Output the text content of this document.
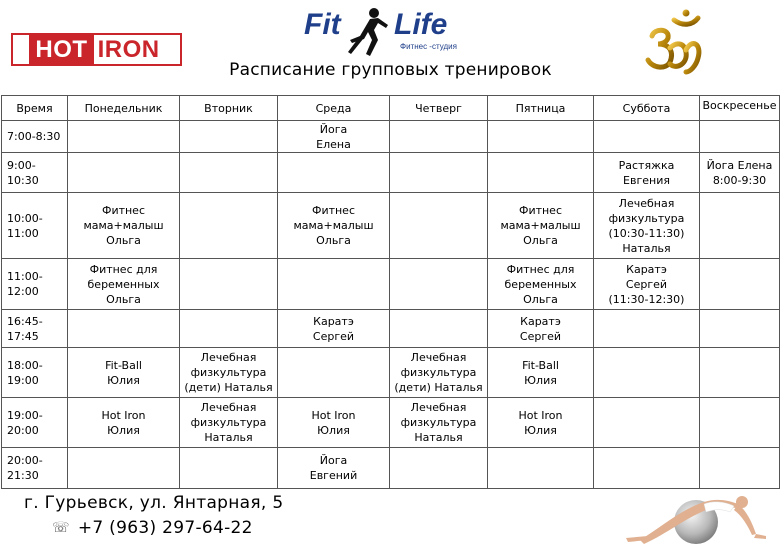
HOT IRON
Fit Life
Фитнес -студия
Расписание групповых тренировок
Время	Понедельник	Вторник	Среда	Четверг	Пятница	Суббота	Воскресенье
7:00-8:30			Йога
Елена				
9:00-10:30						Растяжка
Евгения	Йога Елена
8:00-9:30
10:00-11:00	Фитнес
мама+малыш
Ольга		Фитнес
мама+малыш
Ольга		Фитнес
мама+малыш
Ольга	Лечебная
физкультура
(10:30-11:30)
Наталья	
11:00-12:00	Фитнес для
беременных
Ольга				Фитнес для
беременных
Ольга	Каратэ
Сергей
(11:30-12:30)	
16:45-17:45			Каратэ
Сергей		Каратэ
Сергей		
18:00-19:00	Fit-Ball
Юлия	Лечебная
физкультура
(дети) Наталья		Лечебная
физкультура
(дети) Наталья	Fit-Ball
Юлия		
19:00-20:00	Hot Iron
Юлия	Лечебная
физкультура
Наталья	Hot Iron
Юлия	Лечебная
физкультура
Наталья	Hot Iron
Юлия		
20:00-21:30			Йога
Евгений				
г. Гурьевск, ул. Янтарная, 5
☏ +7 (963) 297-64-22
